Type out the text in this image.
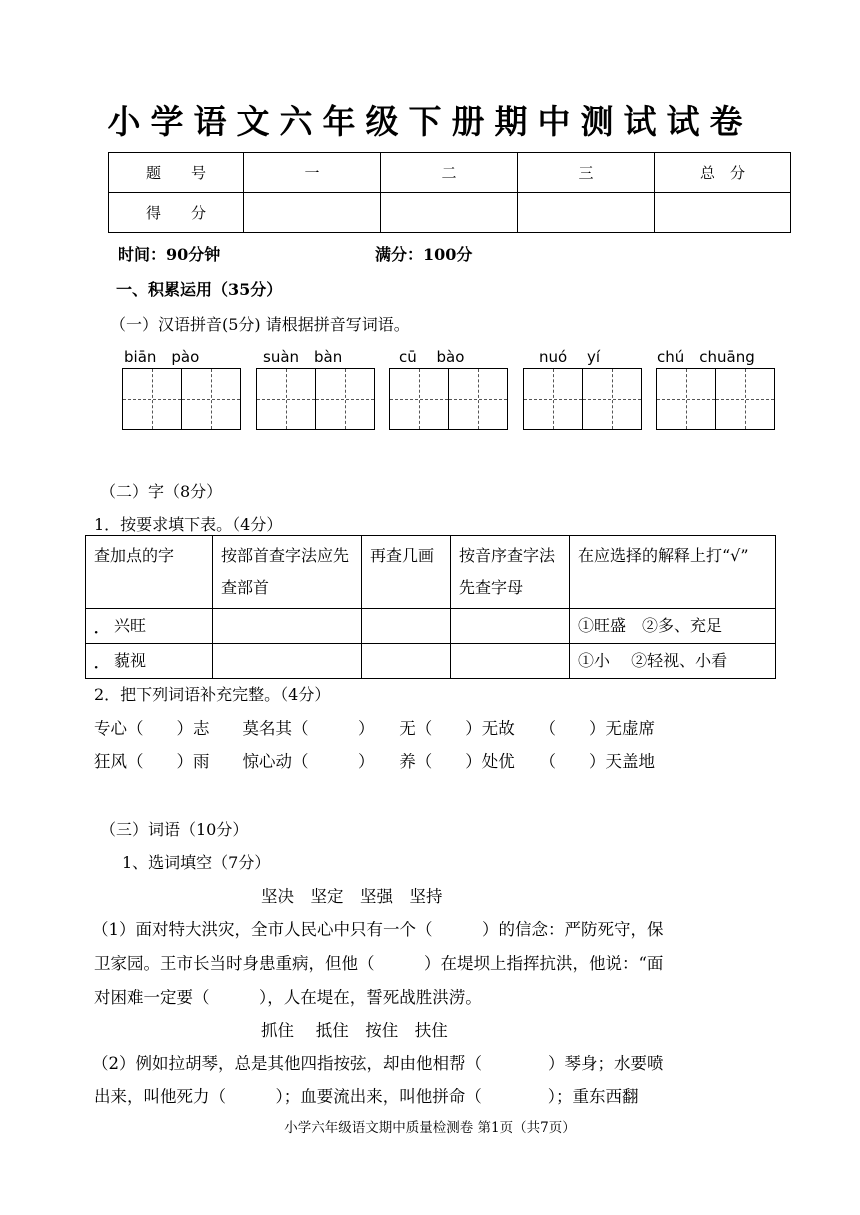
小学语文六年级下册期中测试试卷
题　　号	一	二	三	总　分
得　　分				
时间：90分钟	满分：100分
一、积累运用（35分）
（一）汉语拼音(5分) 请根据拼音写词语。
biān　pào	suàn　bàn	cū　 bào	nuó　 yí	chú　chuāng
（二）字（8分）
1．按要求填下表。（4分）
查加点的字	按部首查字法应先查部首	再查几画	按音序查字法先查字母	在应选择的解释上打“√”
兴旺 ·				①旺盛　②多、充足
藐视 ·				①小　 ②轻视、小看
2．把下列词语补充完整。（4分）
专心（　　）志　　莫名其（　　　）　　无（　　）无故　　（　　）无虚席
狂风（　　）雨　　惊心动（　　　）　　养（　　）处优　　（　　）天盖地
（三）词语（10分）
1、选词填空（7分）
坚决　坚定　坚强　坚持
（1）面对特大洪灾，全市人民心中只有一个（　　　）的信念：严防死守，保
卫家园。王市长当时身患重病，但他（　　　）在堤坝上指挥抗洪，他说：“面
对困难一定要（　　　），人在堤在，誓死战胜洪涝。
抓住　 抵住　按住　扶住
（2）例如拉胡琴，总是其他四指按弦，却由他相帮（　　　　）琴身；水要喷
出来，叫他死力（　　　）；血要流出来，叫他拼命（　　　　）；重东西翻
小学六年级语文期中质量检测卷 第1页（共7页）
